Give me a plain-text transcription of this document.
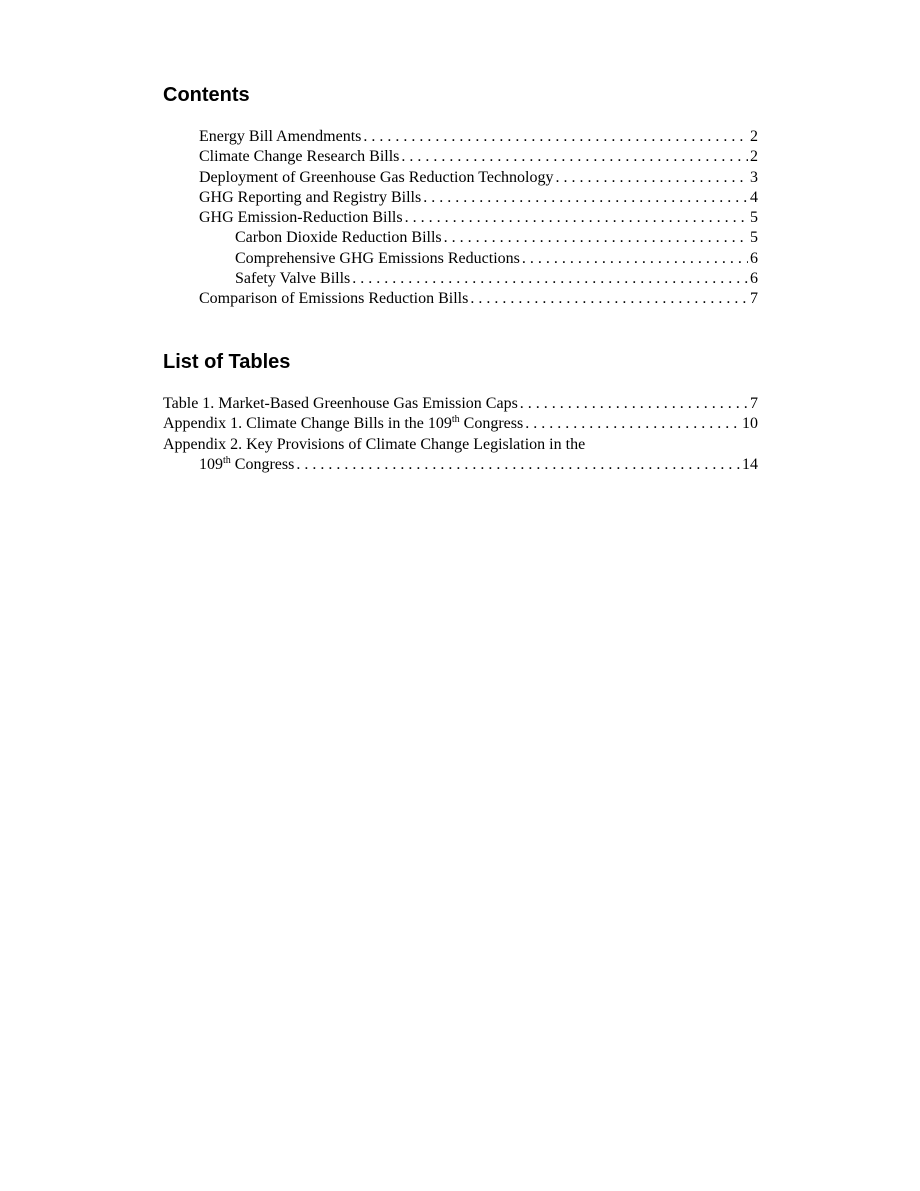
Contents
Energy Bill Amendments . . .	2
Climate Change Research Bills . . .	2
Deployment of Greenhouse Gas Reduction Technology . . .	3
GHG Reporting and Registry Bills . . .	4
GHG Emission-Reduction Bills . . .	5
Carbon Dioxide Reduction Bills . . .	5
Comprehensive GHG Emissions Reductions . . .	6
Safety Valve Bills . . .	6
Comparison of Emissions Reduction Bills . . .	7
List of Tables
Table 1. Market-Based Greenhouse Gas Emission Caps . . .	7
Appendix 1. Climate Change Bills in the 109th Congress . . .	10
Appendix 2. Key Provisions of Climate Change Legislation in the
109th Congress . . .	14
